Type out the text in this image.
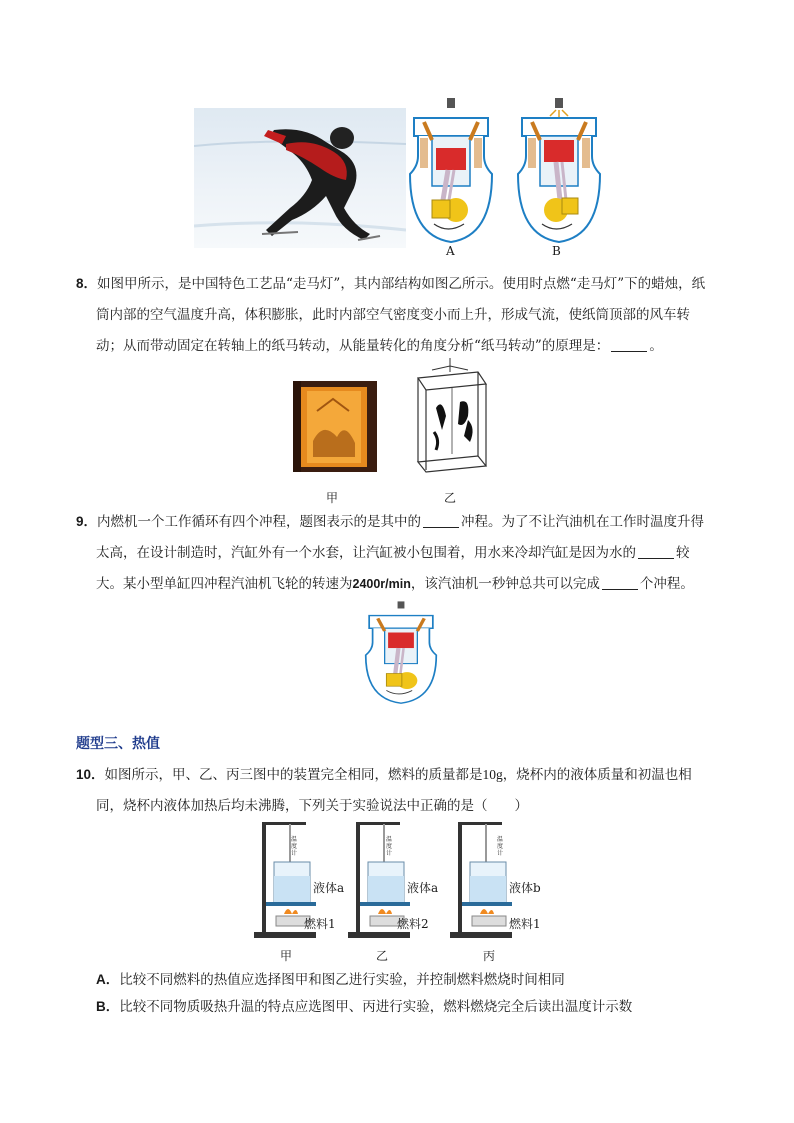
A	B
8．如图甲所示，是中国特色工艺品“走马灯”，其内部结构如图乙所示。使用时点燃“走马灯”下的蜡烛，纸
筒内部的空气温度升高，体积膨胀，此时内部空气密度变小而上升，形成气流，使纸筒顶部的风车转
动；从而带动固定在转轴上的纸马转动，从能量转化的角度分析“纸马转动”的原理是：	。
甲	乙
9．内燃机一个工作循环有四个冲程，题图表示的是其中的	冲程。为了不让汽油机在工作时温度升得
太高，在设计制造时，汽缸外有一个水套，让汽缸被小包围着，用水来冷却汽缸是因为水的	较
大。某小型单缸四冲程汽油机飞轮的转速为2400r/min，该汽油机一秒钟总共可以完成	个冲程。
题型三、热值
10．如图所示，甲、乙、丙三图中的装置完全相同，燃料的质量都是10g，烧杯内的液体质量和初温也相
同，烧杯内液体加热后均未沸腾，下列关于实验说法中正确的是（　　）
温
度
计
液体a
燃料1
甲
温
度
计
液体a
燃料2
乙
温
度
计
液体b
燃料1
丙
A．比较不同燃料的热值应选择图甲和图乙进行实验，并控制燃料燃烧时间相同
B．比较不同物质吸热升温的特点应选图甲、丙进行实验，燃料燃烧完全后读出温度计示数
